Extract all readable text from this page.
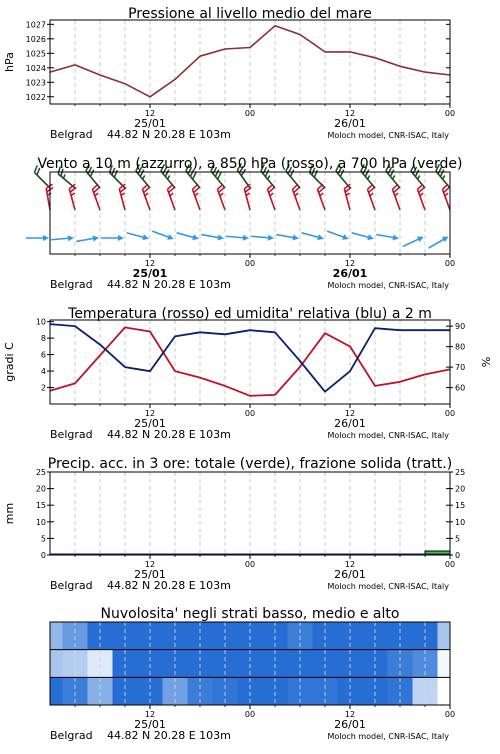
1022
1023
1024
1025
1026
1027
Pressione al livello medio del mare
hPa
12	00	12	00
25/01	26/01
Belgrad 44.82 N 20.28 E 103m	Moloch model, CNR-ISAC, Italy
Vento a 10 m (azzurro), a 850 hPa (rosso), a 700 hPa (verde)
12	00	12	00
25/01	26/01
Belgrad 44.82 N 20.28 E 103m	Moloch model, CNR-ISAC, Italy
2
4
6
8
10
60
70
80
90
Temperatura (rosso) ed umidita' relativa (blu) a 2 m
gradi C	%
12	00	12	00
25/01	26/01
Belgrad 44.82 N 20.28 E 103m	Moloch model, CNR-ISAC, Italy
0
5
10
15
20
25
0
5
10
15
20
25
Precip. acc. in 3 ore: totale (verde), frazione solida (tratt.)
mm
12	00	12	00
25/01	26/01
Belgrad 44.82 N 20.28 E 103m	Moloch model, CNR-ISAC, Italy
Nuvolosita' negli strati basso, medio e alto
12	00	12	00
25/01	26/01
Belgrad 44.82 N 20.28 E 103m	Moloch model, CNR-ISAC, Italy
